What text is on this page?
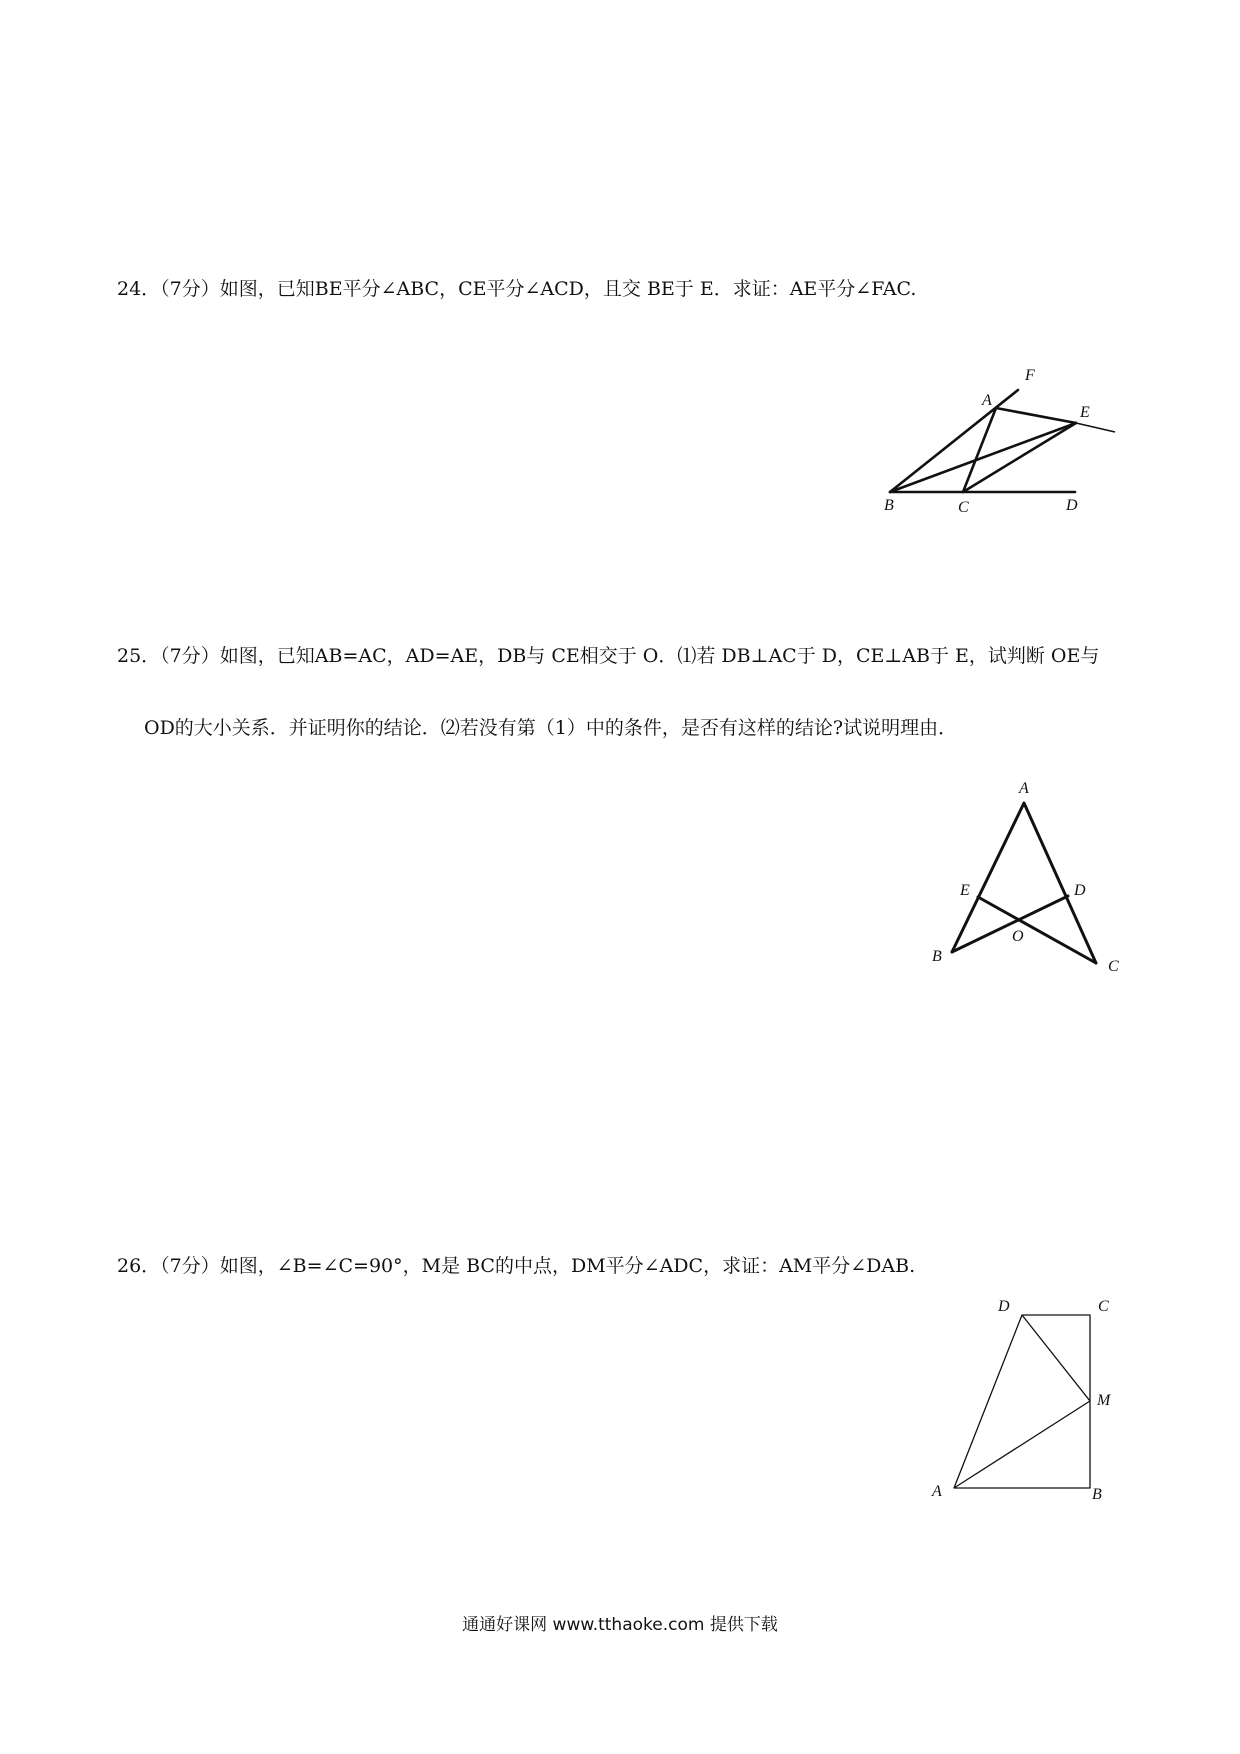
24．（7分）如图，已知BE平分∠ABC，CE平分∠ACD，且交 BE于 E．求证：AE平分∠FAC.
F
A
E
B	C	D
25．（7分）如图，已知AB=AC，AD=AE，DB与 CE相交于 O．⑴若 DB⊥AC于 D，CE⊥AB于 E，试判断 OE与
OD的大小关系．并证明你的结论．⑵若没有第（1）中的条件，是否有这样的结论?试说明理由．
A
E	D
O
B
C
26．（7分）如图，∠B=∠C=90°，M是 BC的中点，DM平分∠ADC，求证：AM平分∠DAB.
D	C
M
A	B
通通好课网 www.tthaoke.com 提供下载
